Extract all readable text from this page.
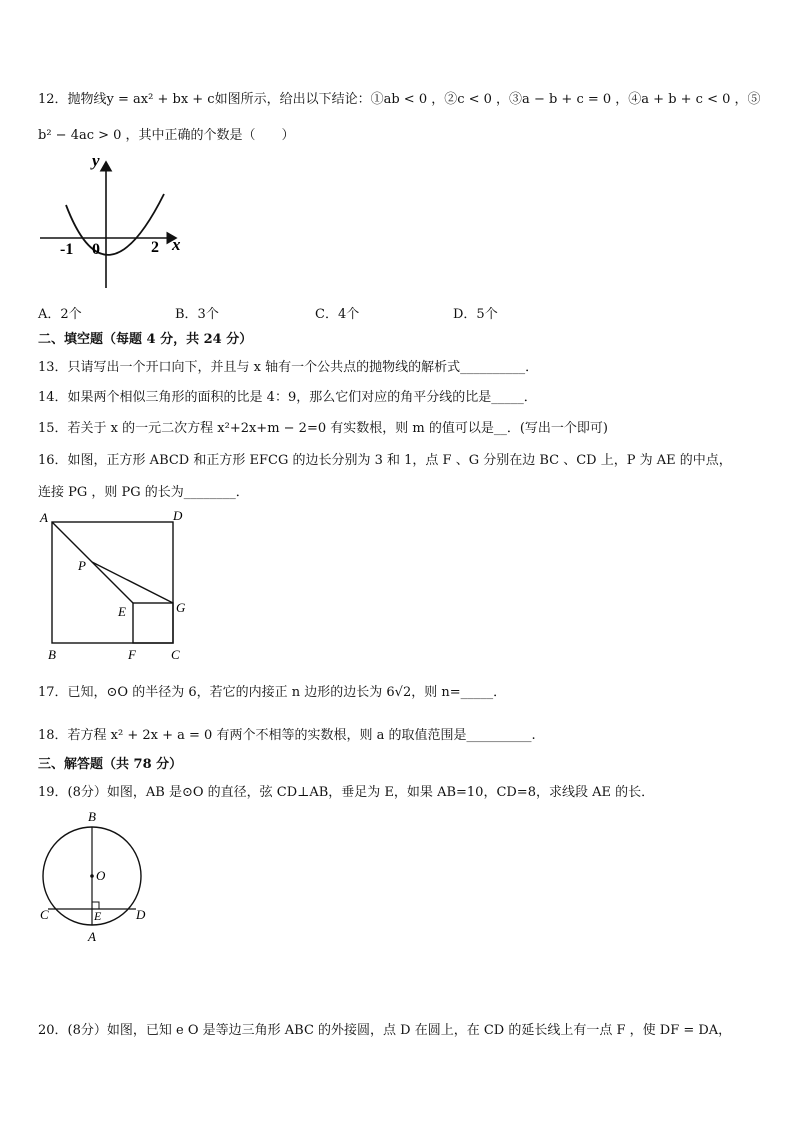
12．抛物线y = ax² + bx + c如图所示，给出以下结论：①ab < 0 ，②c < 0 ，③a − b + c = 0 ，④a + b + c < 0 ，⑤
b² − 4ac > 0 ，其中正确的个数是（　　）
y
x
-1 0	2
A．2个	B．3个	C．4个	D．5个
二、填空题（每题 4 分，共 24 分）
13．只请写出一个开口向下，并且与 x 轴有一个公共点的抛物线的解析式__________．
14．如果两个相似三角形的面积的比是 4：9，那么它们对应的角平分线的比是_____．
15．若关于 x 的一元二次方程 x²+2x+m − 2=0 有实数根，则 m 的值可以是__．(写出一个即可)
16．如图，正方形 ABCD 和正方形 EFCG 的边长分别为 3 和 1，点 F 、G 分别在边 BC 、CD 上，P 为 AE 的中点，
连接 PG ，则 PG 的长为________．
A	D
P
E	G
B	F	C
17．已知，⊙O 的半径为 6，若它的内接正 n 边形的边长为 6√2，则 n=_____．
18．若方程 x² + 2x + a = 0 有两个不相等的实数根，则 a 的取值范围是__________.
三、解答题（共 78 分）
19．(8分）如图，AB 是⊙O 的直径，弦 CD⊥AB，垂足为 E，如果 AB=10，CD=8，求线段 AE 的长．
B
O
C	D
E
A
20．(8分）如图，已知 e O 是等边三角形 ABC 的外接圆，点 D 在圆上，在 CD 的延长线上有一点 F ，使 DF = DA，
